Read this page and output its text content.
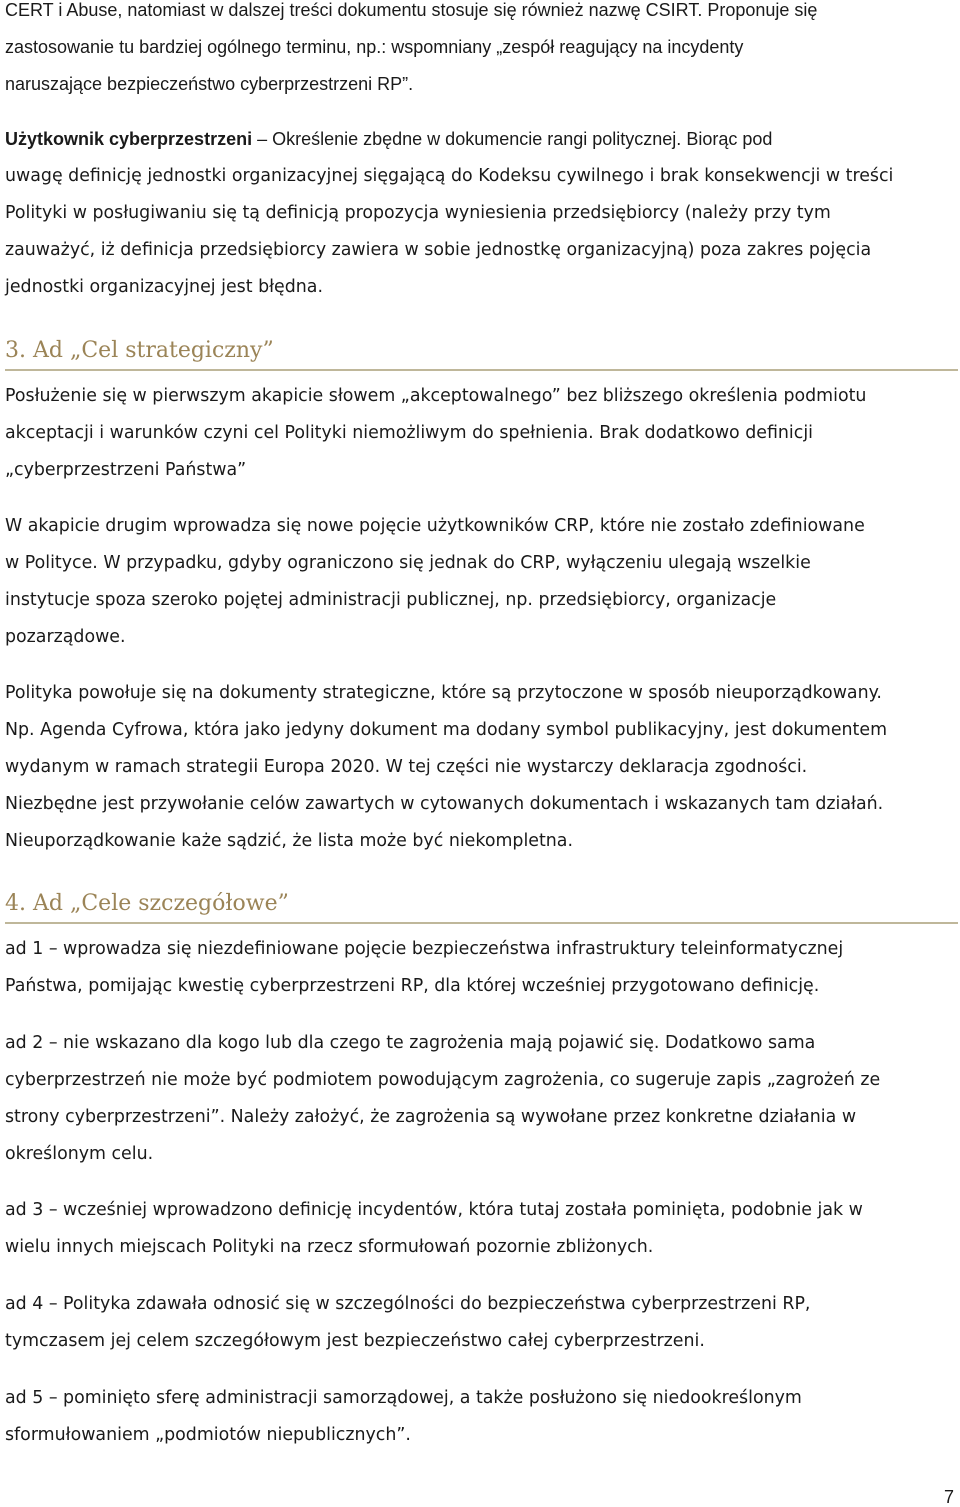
CERT i Abuse, natomiast w dalszej treści dokumentu stosuje się również nazwę CSIRT. Proponuje się
zastosowanie tu bardziej ogólnego terminu, np.: wspomniany „zespół reagujący na incydenty
naruszające bezpieczeństwo cyberprzestrzeni RP”.
Użytkownik cyberprzestrzeni – Określenie zbędne w dokumencie rangi politycznej. Biorąc pod
uwagę definicję jednostki organizacyjnej sięgającą do Kodeksu cywilnego i brak konsekwencji w treści
Polityki w posługiwaniu się tą definicją propozycja wyniesienia przedsiębiorcy (należy przy tym
zauważyć, iż definicja przedsiębiorcy zawiera w sobie jednostkę organizacyjną) poza zakres pojęcia
jednostki organizacyjnej jest błędna.
3. Ad „Cel strategiczny”
Posłużenie się w pierwszym akapicie słowem „akceptowalnego” bez bliższego określenia podmiotu
akceptacji i warunków czyni cel Polityki niemożliwym do spełnienia. Brak dodatkowo definicji
„cyberprzestrzeni Państwa”
W akapicie drugim wprowadza się nowe pojęcie użytkowników CRP, które nie zostało zdefiniowane
w Polityce. W przypadku, gdyby ograniczono się jednak do CRP, wyłączeniu ulegają wszelkie
instytucje spoza szeroko pojętej administracji publicznej, np. przedsiębiorcy, organizacje
pozarządowe.
Polityka powołuje się na dokumenty strategiczne, które są przytoczone w sposób nieuporządkowany.
Np. Agenda Cyfrowa, która jako jedyny dokument ma dodany symbol publikacyjny, jest dokumentem
wydanym w ramach strategii Europa 2020. W tej części nie wystarczy deklaracja zgodności.
Niezbędne jest przywołanie celów zawartych w cytowanych dokumentach i wskazanych tam działań.
Nieuporządkowanie każe sądzić, że lista może być niekompletna.
4. Ad „Cele szczegółowe”
ad 1 – wprowadza się niezdefiniowane pojęcie bezpieczeństwa infrastruktury teleinformatycznej
Państwa, pomijając kwestię cyberprzestrzeni RP, dla której wcześniej przygotowano definicję.
ad 2 – nie wskazano dla kogo lub dla czego te zagrożenia mają pojawić się. Dodatkowo sama
cyberprzestrzeń nie może być podmiotem powodującym zagrożenia, co sugeruje zapis „zagrożeń ze
strony cyberprzestrzeni”. Należy założyć, że zagrożenia są wywołane przez konkretne działania w
określonym celu.
ad 3 – wcześniej wprowadzono definicję incydentów, która tutaj została pominięta, podobnie jak w
wielu innych miejscach Polityki na rzecz sformułowań pozornie zbliżonych.
ad 4 – Polityka zdawała odnosić się w szczególności do bezpieczeństwa cyberprzestrzeni RP,
tymczasem jej celem szczegółowym jest bezpieczeństwo całej cyberprzestrzeni.
ad 5 – pominięto sferę administracji samorządowej, a także posłużono się niedookreślonym
sformułowaniem „podmiotów niepublicznych”.
7
